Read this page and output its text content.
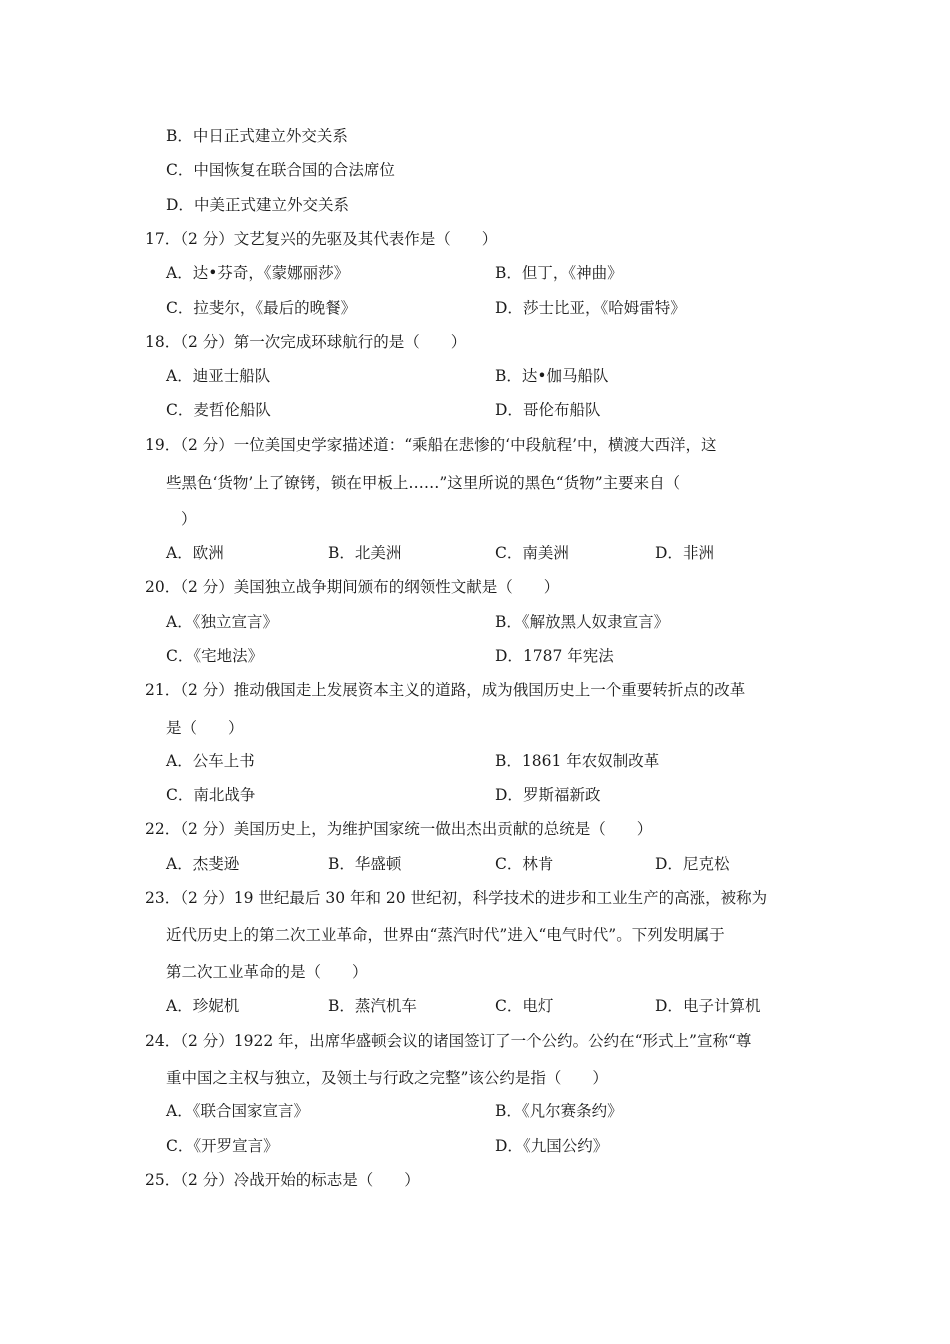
B．中日正式建立外交关系
C．中国恢复在联合国的合法席位
D．中美正式建立外交关系
17．（2 分）文艺复兴的先驱及其代表作是（　　）
A．达•芬奇，《蒙娜丽莎》	B．但丁，《神曲》
C．拉斐尔，《最后的晚餐》	D．莎士比亚，《哈姆雷特》
18．（2 分）第一次完成环球航行的是（　　）
A．迪亚士船队	B．达•伽马船队
C．麦哲伦船队	D．哥伦布船队
19．（2 分）一位美国史学家描述道：“乘船在悲惨的‘中段航程’中，横渡大西洋，这
些黑色‘货物’上了镣铐，锁在甲板上……”这里所说的黑色“货物”主要来自（
）
A．欧洲	B．北美洲	C．南美洲	D．非洲
20．（2 分）美国独立战争期间颁布的纲领性文献是（　　）
A．《独立宣言》	B．《解放黑人奴隶宣言》
C．《宅地法》	D．1787 年宪法
21．（2 分）推动俄国走上发展资本主义的道路，成为俄国历史上一个重要转折点的改革
是（　　）
A．公车上书	B．1861 年农奴制改革
C．南北战争	D．罗斯福新政
22．（2 分）美国历史上，为维护国家统一做出杰出贡献的总统是（　　）
A．杰斐逊	B．华盛顿	C．林肯	D．尼克松
23．（2 分）19 世纪最后 30 年和 20 世纪初，科学技术的进步和工业生产的高涨，被称为
近代历史上的第二次工业革命，世界由“蒸汽时代”进入“电气时代”。下列发明属于
第二次工业革命的是（　　）
A．珍妮机	B．蒸汽机车	C．电灯	D．电子计算机
24．（2 分）1922 年，出席华盛顿会议的诸国签订了一个公约。公约在“形式上”宣称“尊
重中国之主权与独立，及领土与行政之完整”该公约是指（　　）
A．《联合国家宣言》	B．《凡尔赛条约》
C．《开罗宣言》	D．《九国公约》
25．（2 分）冷战开始的标志是（　　）
